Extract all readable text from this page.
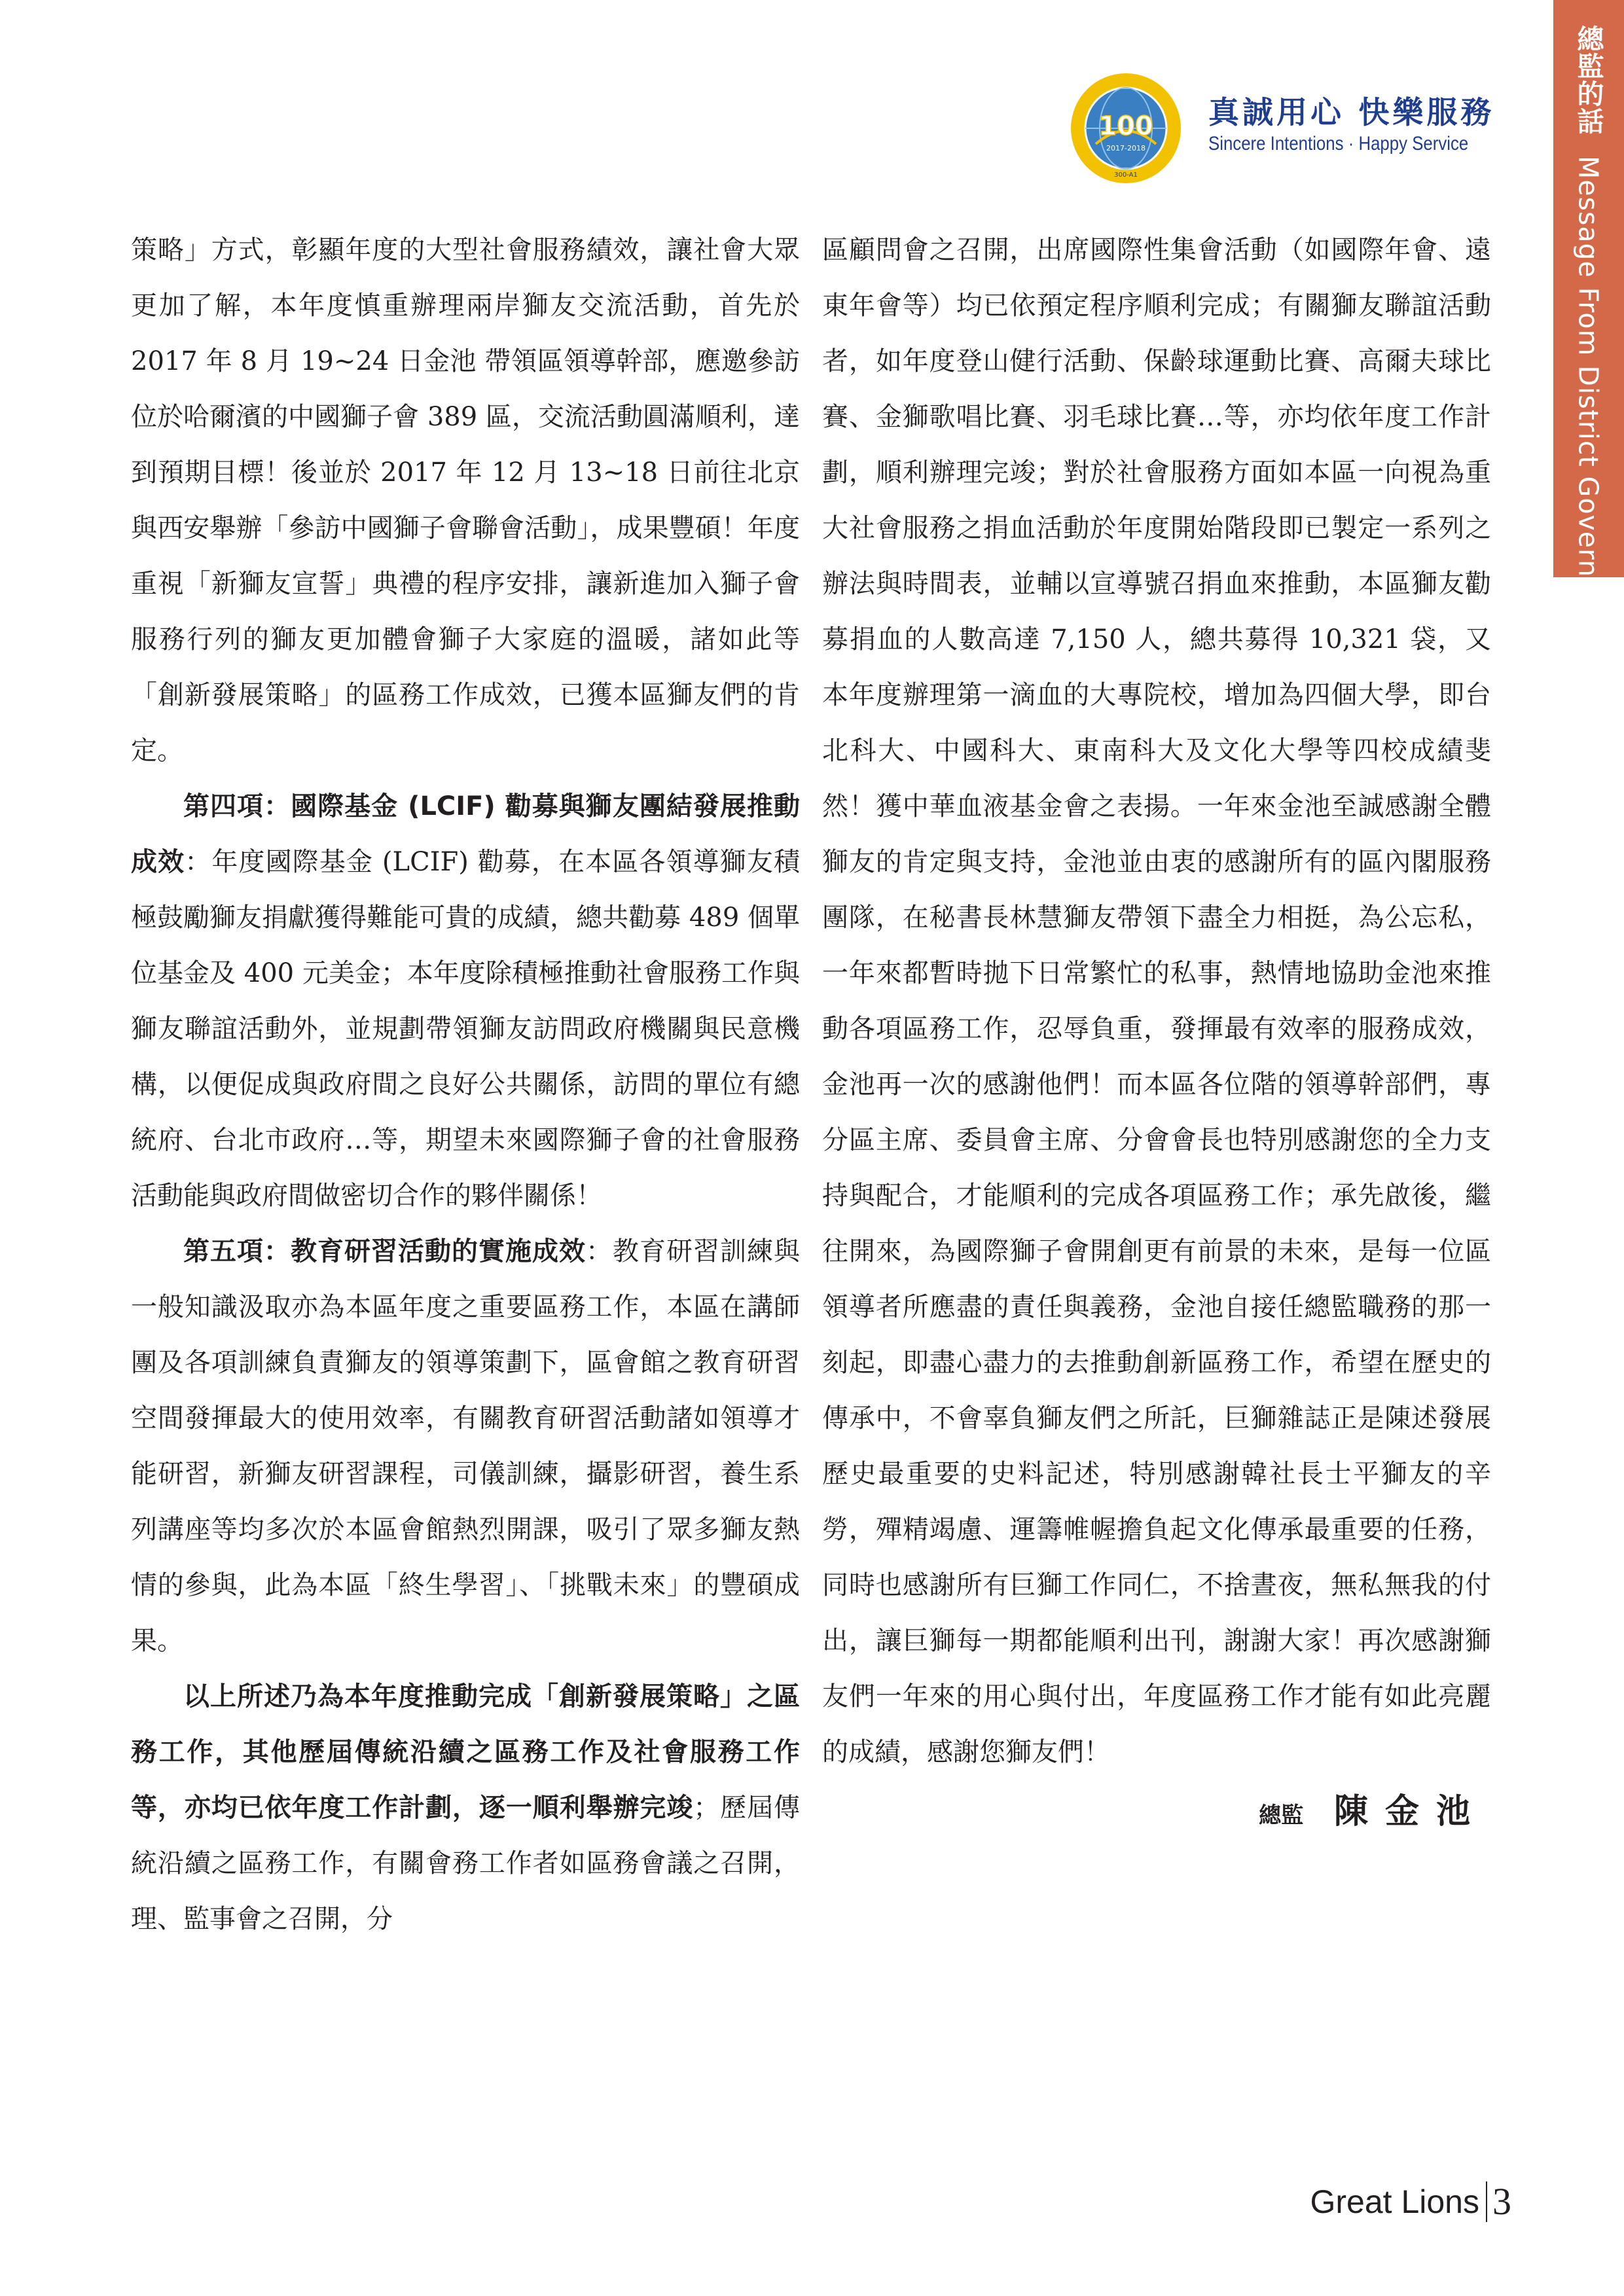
總監的話 Message From District Governor
100
2017-2018
300-A1
真誠用心 快樂服務
Sincere Intentions · Happy Service

策略」方式，彰顯年度的大型社會服務績效，讓社會大眾更加了解，本年度慎重辦理兩岸獅友交流活動，首先於 2017 年 8 月 19~24 日金池 帶領區領導幹部，應邀參訪位於哈爾濱的中國獅子會 389 區，交流活動圓滿順利，達到預期目標！後並於 2017 年 12 月 13~18 日前往北京與西安舉辦「參訪中國獅子會聯會活動」，成果豐碩！年度重視「新獅友宣誓」典禮的程序安排，讓新進加入獅子會服務行列的獅友更加體會獅子大家庭的溫暖，諸如此等「創新發展策略」的區務工作成效，已獲本區獅友們的肯定。

第四項：國際基金 (LCIF) 勸募與獅友團結發展推動成效：年度國際基金 (LCIF) 勸募，在本區各領導獅友積極鼓勵獅友捐獻獲得難能可貴的成績，總共勸募 489 個單位基金及 400 元美金；本年度除積極推動社會服務工作與獅友聯誼活動外，並規劃帶領獅友訪問政府機關與民意機構，以便促成與政府間之良好公共關係，訪問的單位有總統府、台北市政府…等，期望未來國際獅子會的社會服務活動能與政府間做密切合作的夥伴關係！

第五項：教育研習活動的實施成效：教育研習訓練與一般知識汲取亦為本區年度之重要區務工作，本區在講師團及各項訓練負責獅友的領導策劃下，區會館之教育研習空間發揮最大的使用效率，有關教育研習活動諸如領導才能研習，新獅友研習課程，司儀訓練，攝影研習，養生系列講座等均多次於本區會館熱烈開課，吸引了眾多獅友熱情的參與，此為本區「終生學習」、「挑戰未來」的豐碩成果。

以上所述乃為本年度推動完成「創新發展策略」之區務工作，其他歷屆傳統沿續之區務工作及社會服務工作等，亦均已依年度工作計劃，逐一順利舉辦完竣；歷屆傳統沿續之區務工作，有關會務工作者如區務會議之召開，理、監事會之召開，分

區顧問會之召開，出席國際性集會活動（如國際年會、遠東年會等）均已依預定程序順利完成；有關獅友聯誼活動者，如年度登山健行活動、保齡球運動比賽、高爾夫球比賽、金獅歌唱比賽、羽毛球比賽…等，亦均依年度工作計劃，順利辦理完竣；對於社會服務方面如本區一向視為重大社會服務之捐血活動於年度開始階段即已製定一系列之辦法與時間表，並輔以宣導號召捐血來推動，本區獅友勸募捐血的人數高達 7,150 人，總共募得 10,321 袋，又本年度辦理第一滴血的大專院校，增加為四個大學，即台北科大、中國科大、東南科大及文化大學等四校成績斐然！獲中華血液基金會之表揚。一年來金池至誠感謝全體獅友的肯定與支持，金池並由衷的感謝所有的區內閣服務團隊，在秘書長林慧獅友帶領下盡全力相挺，為公忘私，一年來都暫時拋下日常繁忙的私事，熱情地協助金池來推動各項區務工作，忍辱負重，發揮最有效率的服務成效，金池再一次的感謝他們！而本區各位階的領導幹部們，專分區主席、委員會主席、分會會長也特別感謝您的全力支持與配合，才能順利的完成各項區務工作；承先啟後，繼往開來，為國際獅子會開創更有前景的未來，是每一位區領導者所應盡的責任與義務，金池自接任總監職務的那一刻起，即盡心盡力的去推動創新區務工作，希望在歷史的傳承中，不會辜負獅友們之所託，巨獅雜誌正是陳述發展歷史最重要的史料記述，特別感謝韓社長士平獅友的辛勞，殫精竭慮、運籌帷幄擔負起文化傳承最重要的任務，同時也感謝所有巨獅工作同仁，不捨晝夜，無私無我的付出，讓巨獅每一期都能順利出刊，謝謝大家！再次感謝獅友們一年來的用心與付出，年度區務工作才能有如此亮麗的成績，感謝您獅友們！

總監 陳金池
Great Lions 3
